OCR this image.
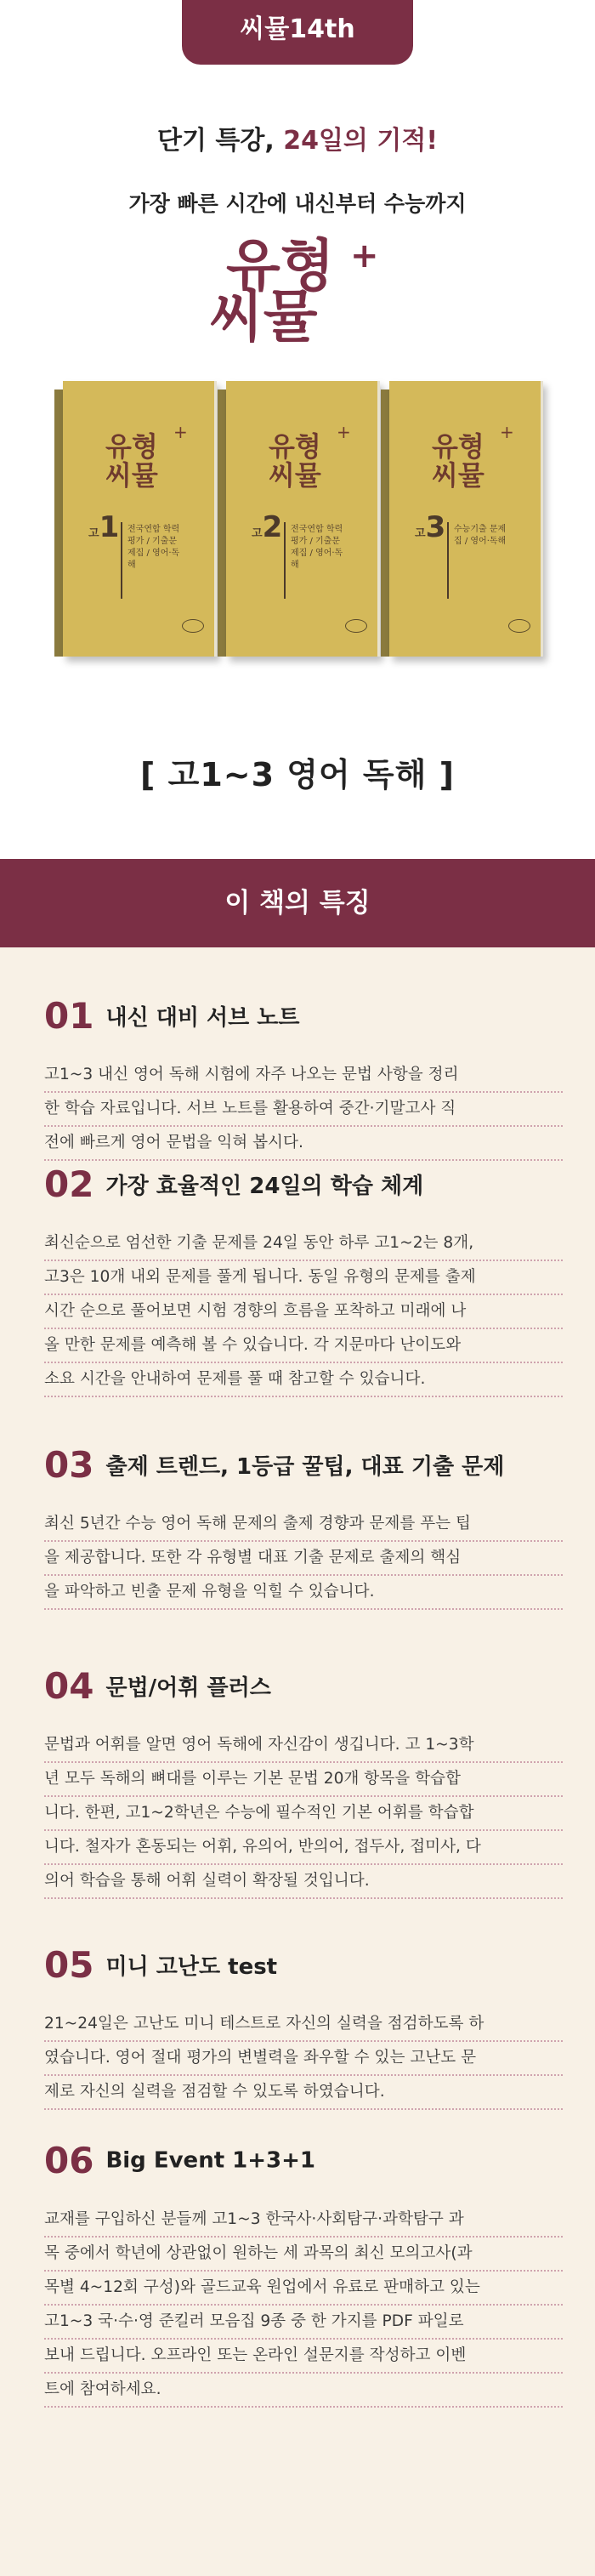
씨뮬14th
단기 특강, 24일의 기적!
가장 빠른 시간에 내신부터 수능까지
유형 +
씨뮬
유형
씨뮬
+
고1 전국연합 학력평가 / 기출문제집 / 영어·독해
유형
씨뮬
+
고2 전국연합 학력평가 / 기출문제집 / 영어·독해
유형
씨뮬
+
고3 수능기출 문제집 / 영어·독해
[ 고1~3 영어 독해 ]
이 책의 특징
01 내신 대비 서브 노트
고1~3 내신 영어 독해 시험에 자주 나오는 문법 사항을 정리
한 학습 자료입니다. 서브 노트를 활용하여 중간·기말고사 직
전에 빠르게 영어 문법을 익혀 봅시다.
02 가장 효율적인 24일의 학습 체계
최신순으로 엄선한 기출 문제를 24일 동안 하루 고1~2는 8개,
고3은 10개 내외 문제를 풀게 됩니다. 동일 유형의 문제를 출제
시간 순으로 풀어보면 시험 경향의 흐름을 포착하고 미래에 나
올 만한 문제를 예측해 볼 수 있습니다. 각 지문마다 난이도와
소요 시간을 안내하여 문제를 풀 때 참고할 수 있습니다.
03 출제 트렌드, 1등급 꿀팁, 대표 기출 문제
최신 5년간 수능 영어 독해 문제의 출제 경향과 문제를 푸는 팁
을 제공합니다. 또한 각 유형별 대표 기출 문제로 출제의 핵심
을 파악하고 빈출 문제 유형을 익힐 수 있습니다.
04 문법/어휘 플러스
문법과 어휘를 알면 영어 독해에 자신감이 생깁니다. 고 1~3학
년 모두 독해의 뼈대를 이루는 기본 문법 20개 항목을 학습합
니다. 한편, 고1~2학년은 수능에 필수적인 기본 어휘를 학습합
니다. 철자가 혼동되는 어휘, 유의어, 반의어, 접두사, 접미사, 다
의어 학습을 통해 어휘 실력이 확장될 것입니다.
05 미니 고난도 test
21~24일은 고난도 미니 테스트로 자신의 실력을 점검하도록 하
였습니다. 영어 절대 평가의 변별력을 좌우할 수 있는 고난도 문
제로 자신의 실력을 점검할 수 있도록 하였습니다.
06 Big Event 1+3+1
교재를 구입하신 분들께 고1~3 한국사·사회탐구·과학탐구 과
목 중에서 학년에 상관없이 원하는 세 과목의 최신 모의고사(과
목별 4~12회 구성)와 골드교육 원업에서 유료로 판매하고 있는
고1~3 국·수·영 준킬러 모음집 9종 중 한 가지를 PDF 파일로
보내 드립니다. 오프라인 또는 온라인 설문지를 작성하고 이벤
트에 참여하세요.
